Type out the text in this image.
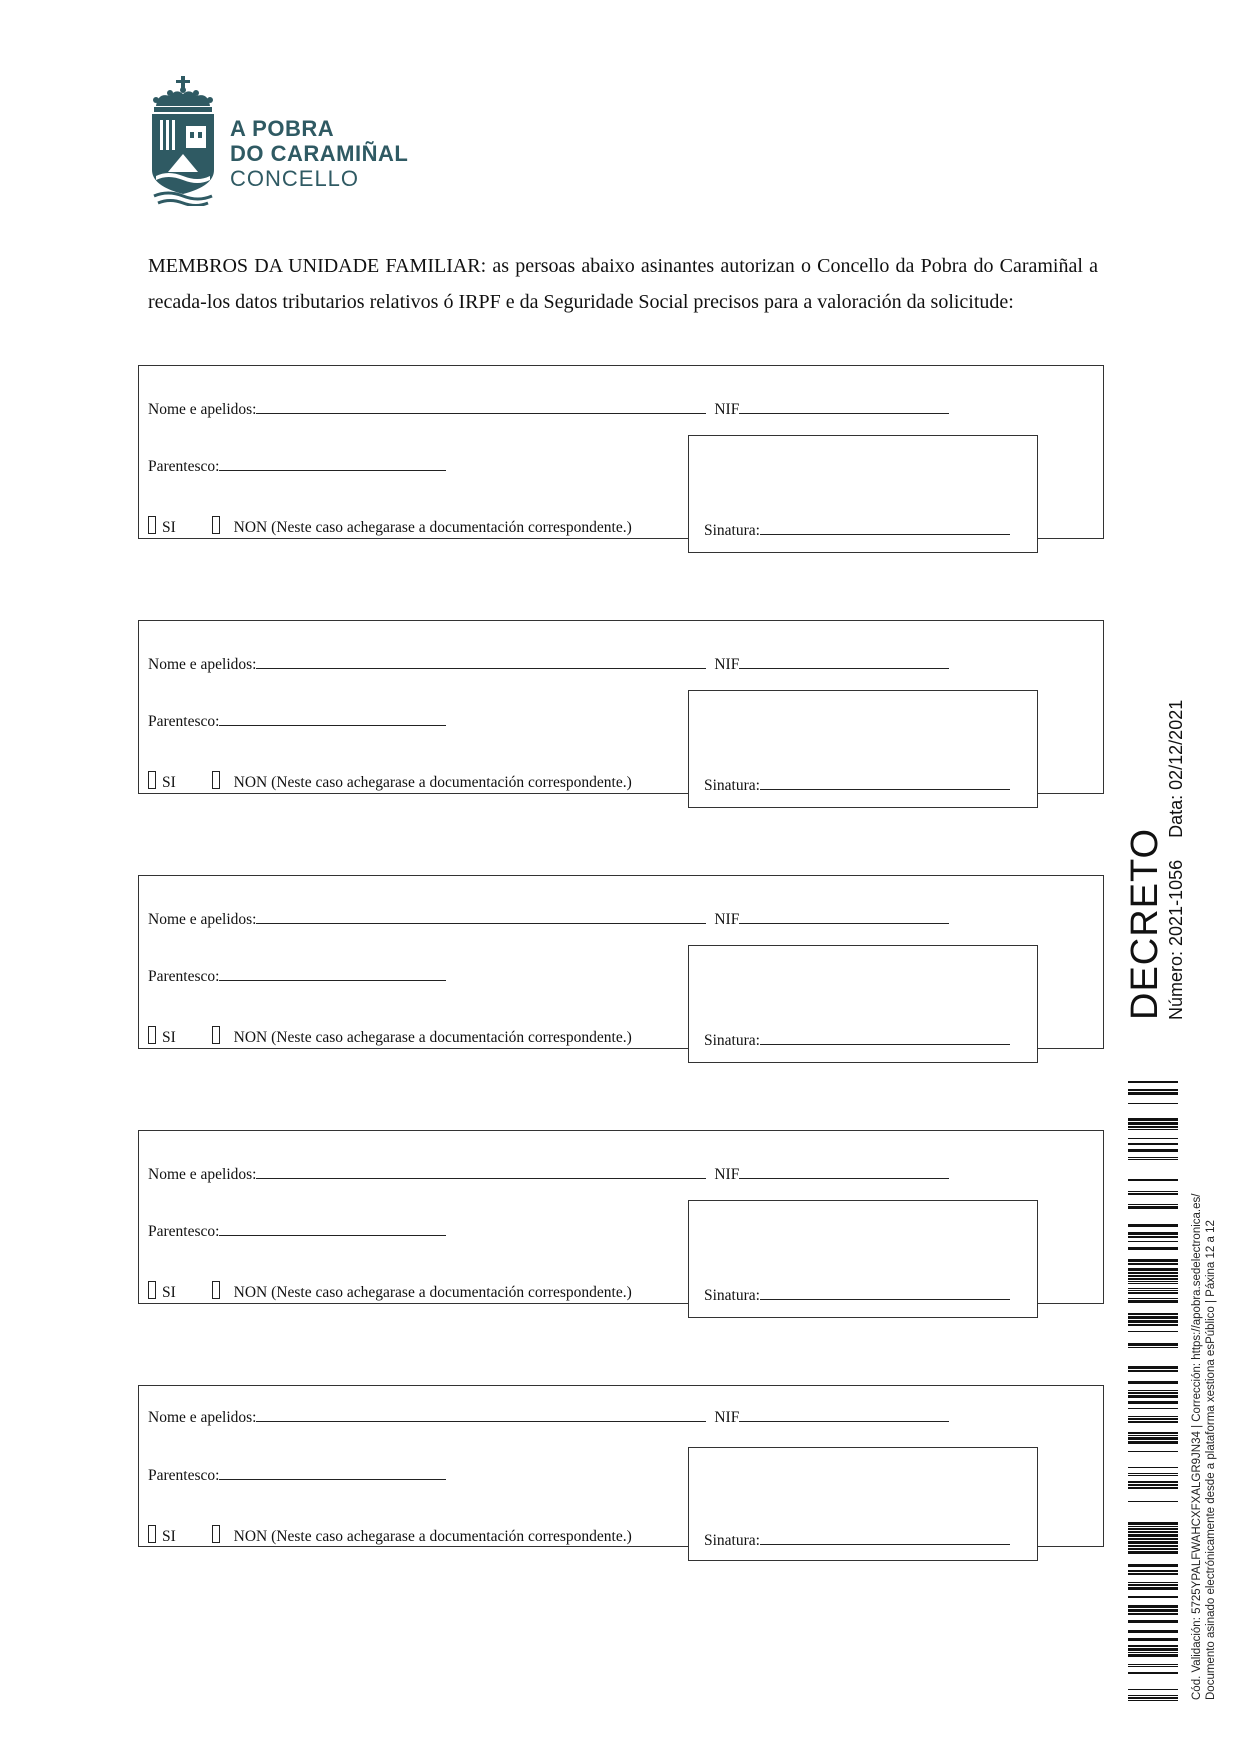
A POBRA
DO CARAMIÑAL
CONCELLO
MEMBROS DA UNIDADE FAMILIAR: as persoas abaixo asinantes autorizan o Concello da Pobra do Caramiñal a recada-los datos tributarios relativos ó IRPF e da Seguridade Social precisos para a valoración da solicitude:
Nome e apelidos:	NIF
Parentesco:
SI	NON (Neste caso achegarase a documentación correspondente.)	Sinatura:
Nome e apelidos:	NIF
Parentesco:
SI	NON (Neste caso achegarase a documentación correspondente.)	Sinatura:
Nome e apelidos:	NIF
Parentesco:
SI	NON (Neste caso achegarase a documentación correspondente.)	Sinatura:
Nome e apelidos:	NIF
Parentesco:
SI	NON (Neste caso achegarase a documentación correspondente.)	Sinatura:
Nome e apelidos:	NIF
Parentesco:
SI	NON (Neste caso achegarase a documentación correspondente.)	Sinatura:
DECRETO Número: 2021-1056Data: 02/12/2021
Cód. Validación: 5725YPALFWAHCXFXALGR9JN34 | Corrección: https://apobra.sedelectronica.es/ Documento asinado electrónicamente desde a plataforma xestiona esPúblico | Páxina 12 a 12
